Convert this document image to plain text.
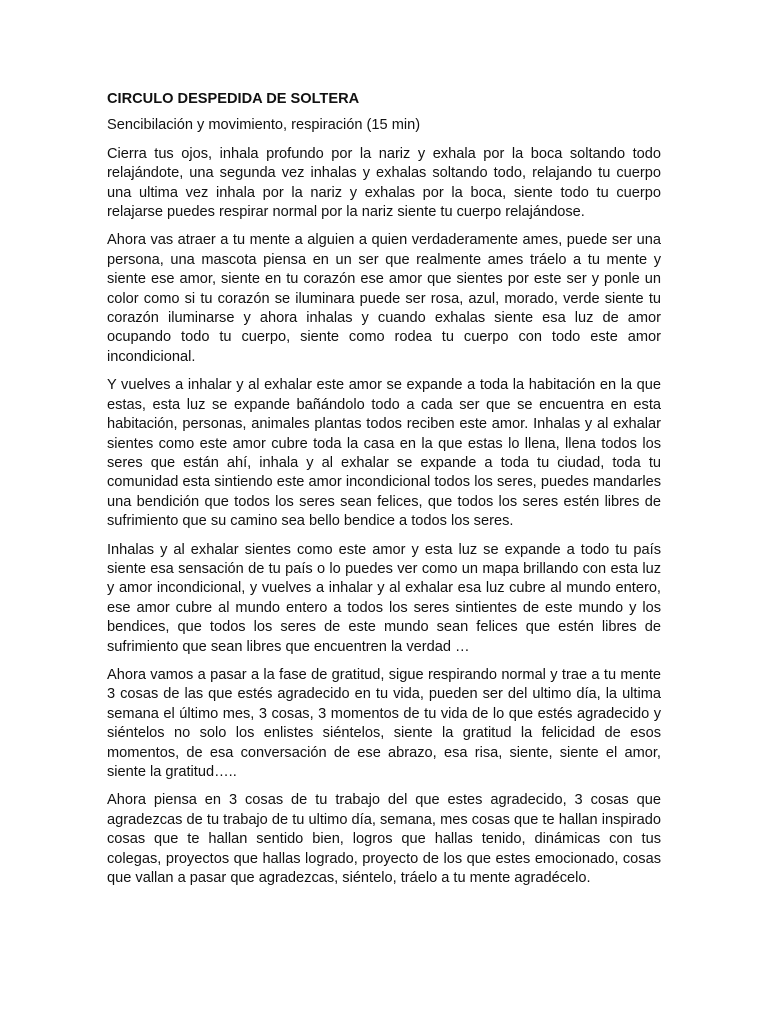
CIRCULO DESPEDIDA DE SOLTERA
Sencibilación y movimiento, respiración (15 min)

Cierra tus ojos, inhala profundo por la nariz y exhala por la boca soltando todo relajándote, una segunda vez inhalas y exhalas soltando todo, relajando tu cuerpo una ultima vez inhala por la nariz y exhalas por la boca, siente todo tu cuerpo relajarse puedes respirar normal por la nariz siente tu cuerpo relajándose.

Ahora vas atraer a tu mente a alguien a quien verdaderamente ames, puede ser una persona, una mascota piensa en un ser que realmente ames tráelo a tu mente y siente ese amor, siente en tu corazón ese amor que sientes por este ser y ponle un color como si tu corazón se iluminara puede ser rosa, azul, morado, verde siente tu corazón iluminarse y ahora inhalas y cuando exhalas siente esa luz de amor ocupando todo tu cuerpo, siente como rodea tu cuerpo con todo este amor incondicional.

Y vuelves a inhalar y al exhalar este amor se expande a toda la habitación en la que estas, esta luz se expande bañándolo todo a cada ser que se encuentra en esta habitación, personas, animales plantas todos reciben este amor. Inhalas y al exhalar sientes como este amor cubre toda la casa en la que estas lo llena, llena todos los seres que están ahí, inhala y al exhalar se expande a toda tu ciudad, toda tu comunidad esta sintiendo este amor incondicional todos los seres, puedes mandarles una bendición que todos los seres sean felices, que todos los seres estén libres de sufrimiento que su camino sea bello bendice a todos los seres.

Inhalas y al exhalar sientes como este amor y esta luz se expande a todo tu país siente esa sensación de tu país o lo puedes ver como un mapa brillando con esta luz y amor incondicional, y vuelves a inhalar y al exhalar esa luz cubre al mundo entero, ese amor cubre al mundo entero a todos los seres sintientes de este mundo y los bendices, que todos los seres de este mundo sean felices que estén libres de sufrimiento que sean libres que encuentren la verdad …

Ahora vamos a pasar a la fase de gratitud, sigue respirando normal y trae a tu mente 3 cosas de las que estés agradecido en tu vida, pueden ser del ultimo día, la ultima semana el último mes, 3 cosas, 3 momentos de tu vida de lo que estés agradecido y siéntelos no solo los enlistes siéntelos, siente la gratitud la felicidad de esos momentos, de esa conversación de ese abrazo, esa risa, siente, siente el amor, siente la gratitud…..

Ahora piensa en 3 cosas de tu trabajo del que estes agradecido, 3 cosas que agradezcas de tu trabajo de tu ultimo día, semana, mes cosas que te hallan inspirado cosas que te hallan sentido bien, logros que hallas tenido, dinámicas con tus colegas, proyectos que hallas logrado, proyecto de los que estes emocionado, cosas que vallan a pasar que agradezcas, siéntelo, tráelo a tu mente agradécelo.
